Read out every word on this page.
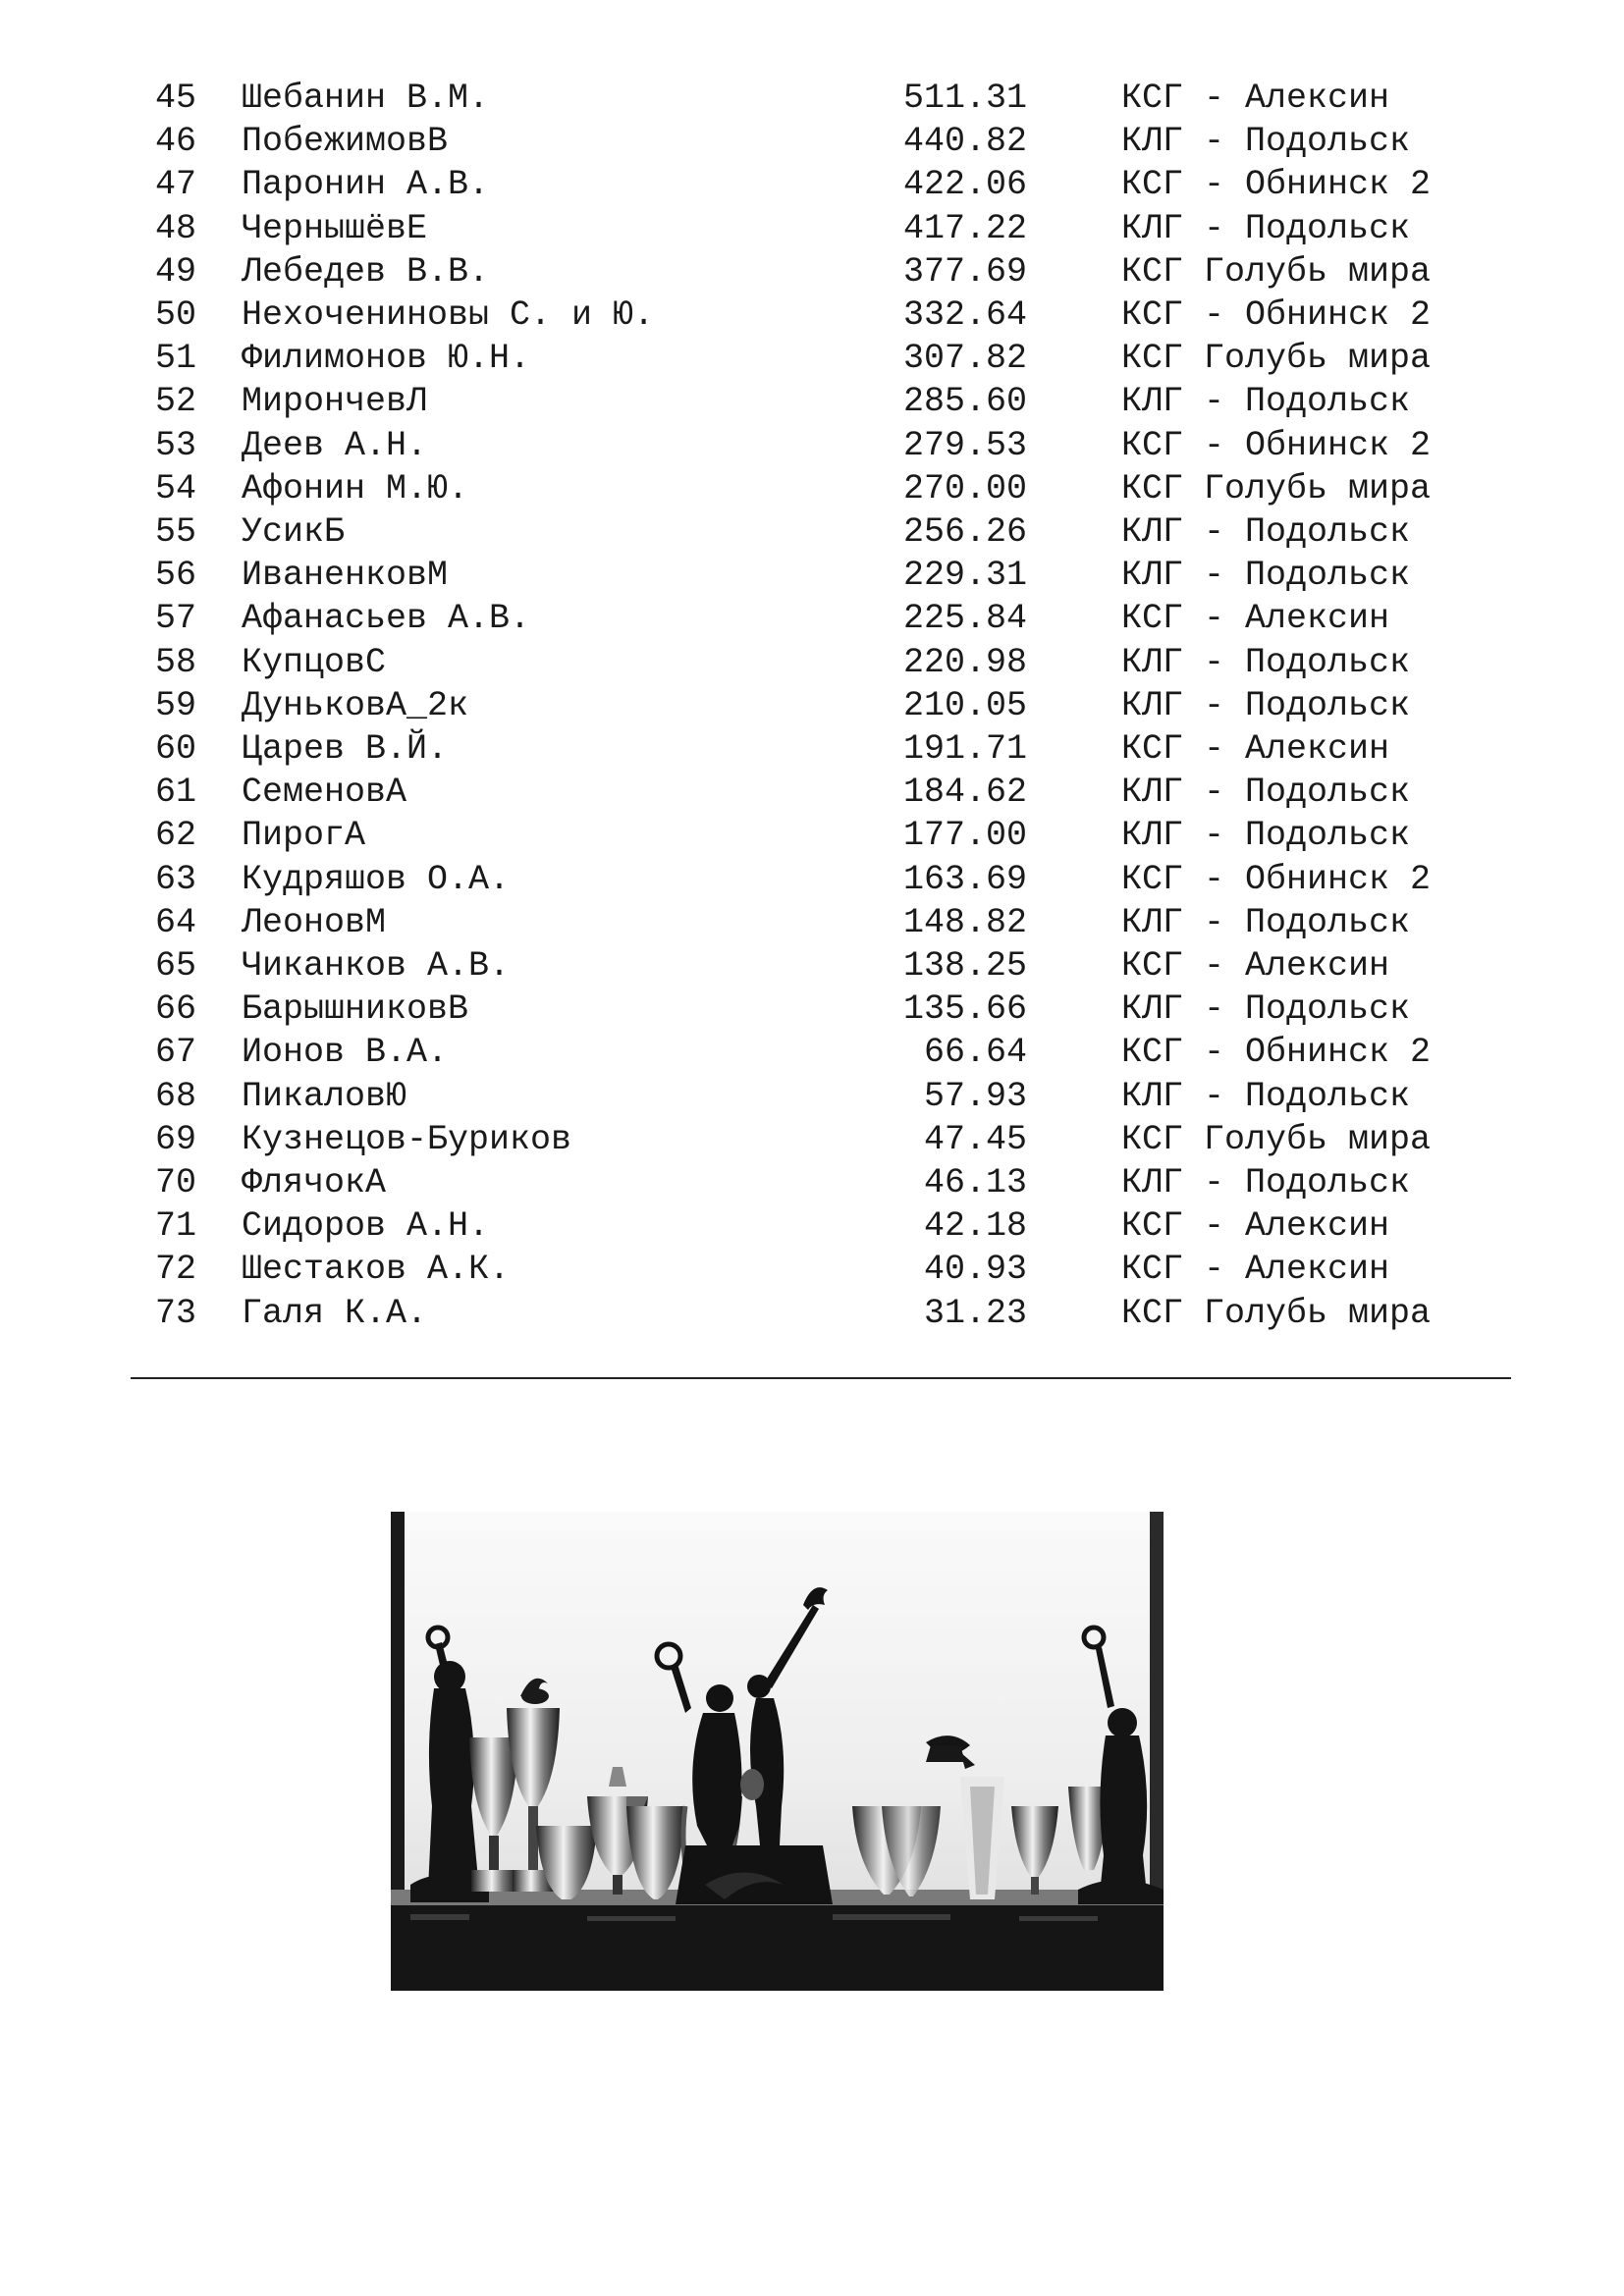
45 Шебанин В.М.	511.31	КСГ - Алексин
46 ПобежимовВ	440.82	КЛГ - Подольск
47 Паронин А.В.	422.06	КСГ - Обнинск 2
48 ЧернышёвЕ	417.22	КЛГ - Подольск
49 Лебедев В.В.	377.69	КСГ Голубь мира
50 Нехочениновы С. и Ю.	332.64	КСГ - Обнинск 2
51 Филимонов Ю.Н.	307.82	КСГ Голубь мира
52 МирончевЛ	285.60	КЛГ - Подольск
53 Деев А.Н.	279.53	КСГ - Обнинск 2
54 Афонин М.Ю.	270.00	КСГ Голубь мира
55 УсикБ	256.26	КЛГ - Подольск
56 ИваненковМ	229.31	КЛГ - Подольск
57 Афанасьев А.В.	225.84	КСГ - Алексин
58 КупцовС	220.98	КЛГ - Подольск
59 ДуньковА_2к	210.05	КЛГ - Подольск
60 Царев В.Й.	191.71	КСГ - Алексин
61 СеменовА	184.62	КЛГ - Подольск
62 ПирогА	177.00	КЛГ - Подольск
63 Кудряшов О.А.	163.69	КСГ - Обнинск 2
64 ЛеоновМ	148.82	КЛГ - Подольск
65 Чиканков А.В.	138.25	КСГ - Алексин
66 БарышниковВ	135.66	КЛГ - Подольск
67 Ионов В.А.	66.64	КСГ - Обнинск 2
68 ПикаловЮ	57.93	КЛГ - Подольск
69 Кузнецов-Буриков	47.45	КСГ Голубь мира
70 ФлячокА	46.13	КЛГ - Подольск
71 Сидоров А.Н.	42.18	КСГ - Алексин
72 Шестаков А.К.	40.93	КСГ - Алексин
73 Галя К.А.	31.23	КСГ Голубь мира
